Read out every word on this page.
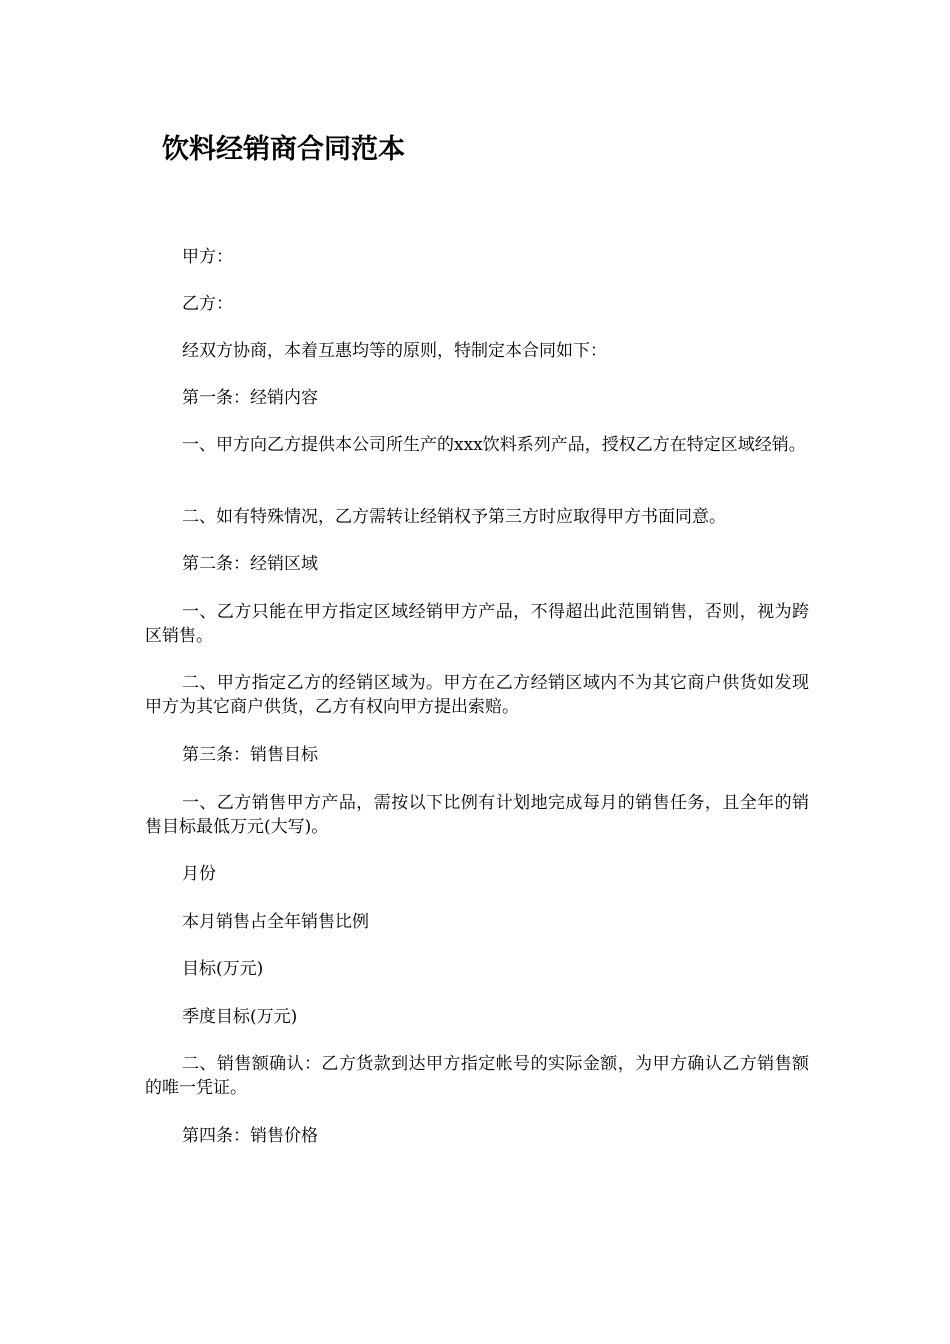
饮料经销商合同范本

甲方：

乙方：

经双方协商，本着互惠均等的原则，特制定本合同如下：

第一条：经销内容

一、甲方向乙方提供本公司所生产的xxx饮料系列产品，授权乙方在特定区域经销。

二、如有特殊情况，乙方需转让经销权予第三方时应取得甲方书面同意。

第二条：经销区域

一、乙方只能在甲方指定区域经销甲方产品，不得超出此范围销售，否则，视为跨区销售。

二、甲方指定乙方的经销区域为。甲方在乙方经销区域内不为其它商户供货如发现甲方为其它商户供货，乙方有权向甲方提出索赔。

第三条：销售目标

一、乙方销售甲方产品，需按以下比例有计划地完成每月的销售任务，且全年的销售目标最低万元(大写)。

月份

本月销售占全年销售比例

目标(万元)

季度目标(万元)

二、销售额确认：乙方货款到达甲方指定帐号的实际金额，为甲方确认乙方销售额的唯一凭证。

第四条：销售价格
